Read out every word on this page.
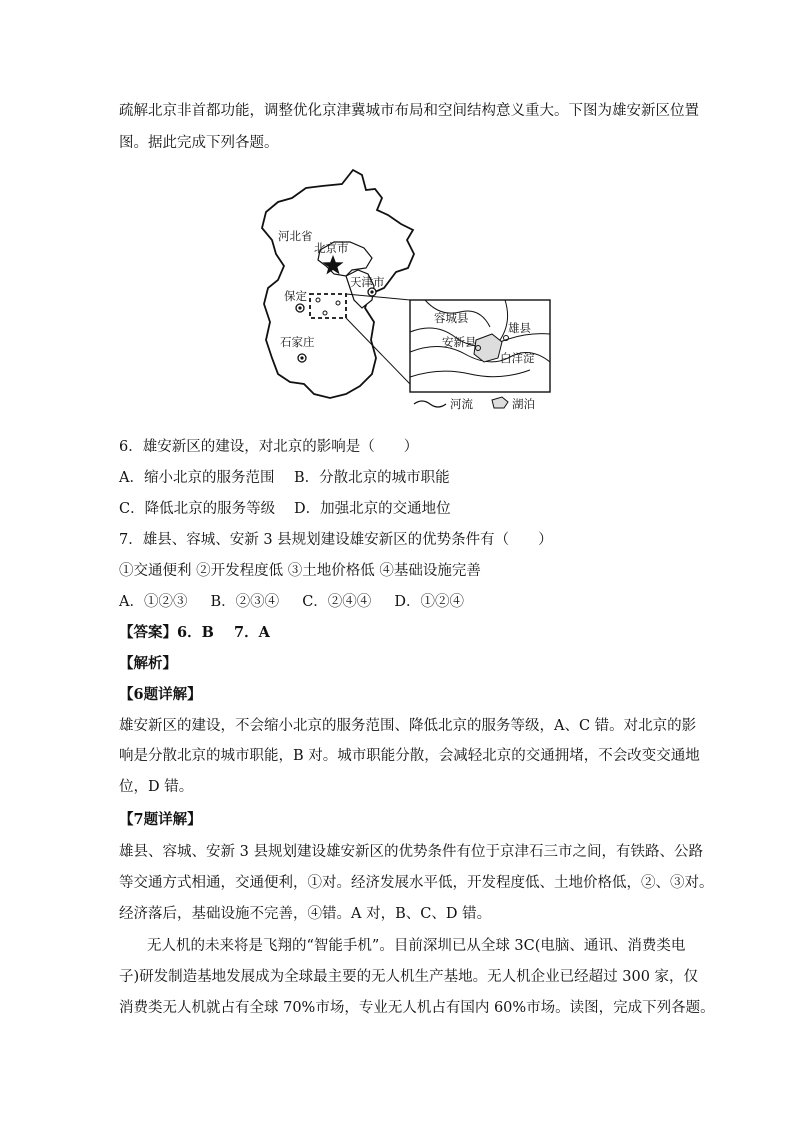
疏解北京非首都功能，调整优化京津冀城市布局和空间结构意义重大。下图为雄安新区位置
图。据此完成下列各题。
河北省
北京市
天津市
保定
石家庄
容城县
雄县
安新县
白洋淀
河流	湖泊
6．雄安新区的建设，对北京的影响是（　　）
A．缩小北京的服务范围 B．分散北京的城市职能
C．降低北京的服务等级 D．加强北京的交通地位
7．雄县、容城、安新 3 县规划建设雄安新区的优势条件有（　　）
①交通便利 ②开发程度低 ③土地价格低 ④基础设施完善
A．①②③     B．②③④     C．②④④     D．①②④
【答案】6．B    7．A
【解析】
【6题详解】
雄安新区的建设，不会缩小北京的服务范围、降低北京的服务等级，A、C 错。对北京的影
响是分散北京的城市职能，B 对。城市职能分散，会减轻北京的交通拥堵，不会改变交通地
位，D 错。
【7题详解】
雄县、容城、安新 3 县规划建设雄安新区的优势条件有位于京津石三市之间，有铁路、公路
等交通方式相通，交通便利，①对。经济发展水平低，开发程度低、土地价格低，②、③对。
经济落后，基础设施不完善，④错。A 对，B、C、D 错。
无人机的未来将是飞翔的“智能手机”。目前深圳已从全球 3C(电脑、通讯、消费类电
子)研发制造基地发展成为全球最主要的无人机生产基地。无人机企业已经超过 300 家，仅
消费类无人机就占有全球 70%市场，专业无人机占有国内 60%市场。读图，完成下列各题。
